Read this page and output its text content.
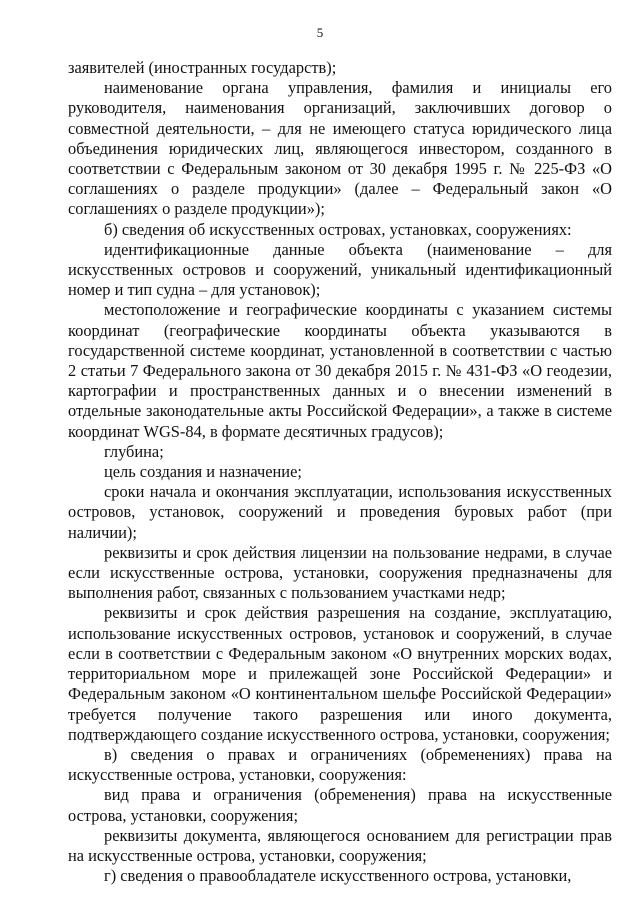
5

заявителей (иностранных государств);

наименование органа управления, фамилия и инициалы его руководителя, наименования организаций, заключивших договор о совместной деятельности, – для не имеющего статуса юридического лица объединения юридических лиц, являющегося инвестором, созданного в соответствии с Федеральным законом от 30 декабря 1995 г. № 225-ФЗ «О соглашениях о разделе продукции» (далее – Федеральный закон «О соглашениях о разделе продукции»);

б) сведения об искусственных островах, установках, сооружениях:

идентификационные данные объекта (наименование – для искусственных островов и сооружений, уникальный идентификационный номер и тип судна – для установок);

местоположение и географические координаты с указанием системы координат (географические координаты объекта указываются в государственной системе координат, установленной в соответствии с частью 2 статьи 7 Федерального закона от 30 декабря 2015 г. № 431-ФЗ «О геодезии, картографии и пространственных данных и о внесении изменений в отдельные законодательные акты Российской Федерации», а также в системе координат WGS-84, в формате десятичных градусов);

глубина;

цель создания и назначение;

сроки начала и окончания эксплуатации, использования искусственных островов, установок, сооружений и проведения буровых работ (при наличии);

реквизиты и срок действия лицензии на пользование недрами, в случае если искусственные острова, установки, сооружения предназначены для выполнения работ, связанных с пользованием участками недр;

реквизиты и срок действия разрешения на создание, эксплуатацию, использование искусственных островов, установок и сооружений, в случае если в соответствии с Федеральным законом «О внутренних морских водах, территориальном море и прилежащей зоне Российской Федерации» и Федеральным законом «О континентальном шельфе Российской Федерации» требуется получение такого разрешения или иного документа, подтверждающего создание искусственного острова, установки, сооружения;

в) сведения о правах и ограничениях (обременениях) права на искусственные острова, установки, сооружения:

вид права и ограничения (обременения) права на искусственные острова, установки, сооружения;

реквизиты документа, являющегося основанием для регистрации прав на искусственные острова, установки, сооружения;

г) сведения о правообладателе искусственного острова, установки,
